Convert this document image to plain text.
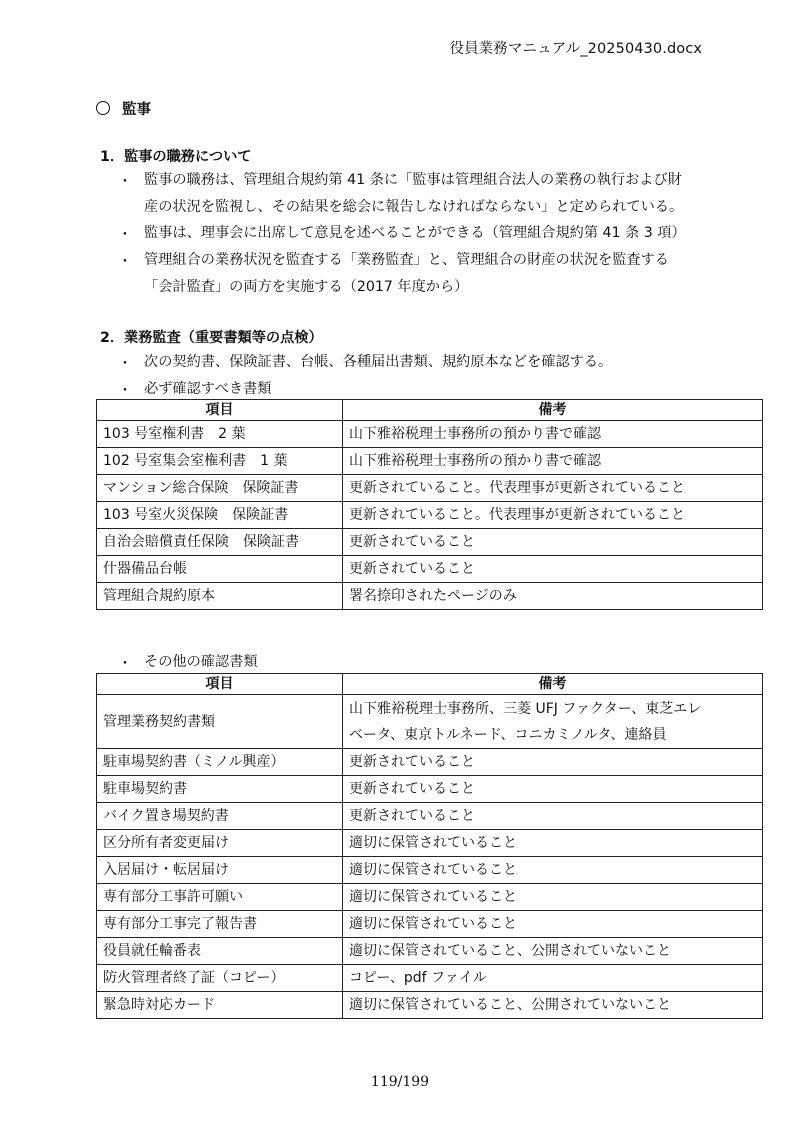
役員業務マニュアル_20250430.docx
監事
1．監事の職務について
・ 監事の職務は、管理組合規約第 41 条に「監事は管理組合法人の業務の執行および財
産の状況を監視し、その結果を総会に報告しなければならない」と定められている。
・ 監事は、理事会に出席して意見を述べることができる（管理組合規約第 41 条 3 項）
・ 管理組合の業務状況を監査する「業務監査」と、管理組合の財産の状況を監査する
「会計監査」の両方を実施する（2017 年度から）
2．業務監査（重要書類等の点検）
・ 次の契約書、保険証書、台帳、各種届出書類、規約原本などを確認する。
・ 必ず確認すべき書類
項目	備考
103 号室権利書　2 葉	山下雅裕税理士事務所の預かり書で確認
102 号室集会室権利書　1 葉	山下雅裕税理士事務所の預かり書で確認
マンション総合保険　保険証書	更新されていること。代表理事が更新されていること
103 号室火災保険　保険証書	更新されていること。代表理事が更新されていること
自治会賠償責任保険　保険証書	更新されていること
什器備品台帳	更新されていること
管理組合規約原本	署名捺印されたページのみ
・ その他の確認書類
項目	備考
管理業務契約書類	山下雅裕税理士事務所、三菱 UFJ ファクター、東芝エレ
ベータ、東京トルネード、コニカミノルタ、連絡員
駐車場契約書（ミノル興産）	更新されていること
駐車場契約書	更新されていること
バイク置き場契約書	更新されていること
区分所有者変更届け	適切に保管されていること
入居届け・転居届け	適切に保管されていること
専有部分工事許可願い	適切に保管されていること
専有部分工事完了報告書	適切に保管されていること
役員就任輪番表	適切に保管されていること、公開されていないこと
防火管理者終了証（コピー）	コピー、pdf ファイル
緊急時対応カード	適切に保管されていること、公開されていないこと
119/199
